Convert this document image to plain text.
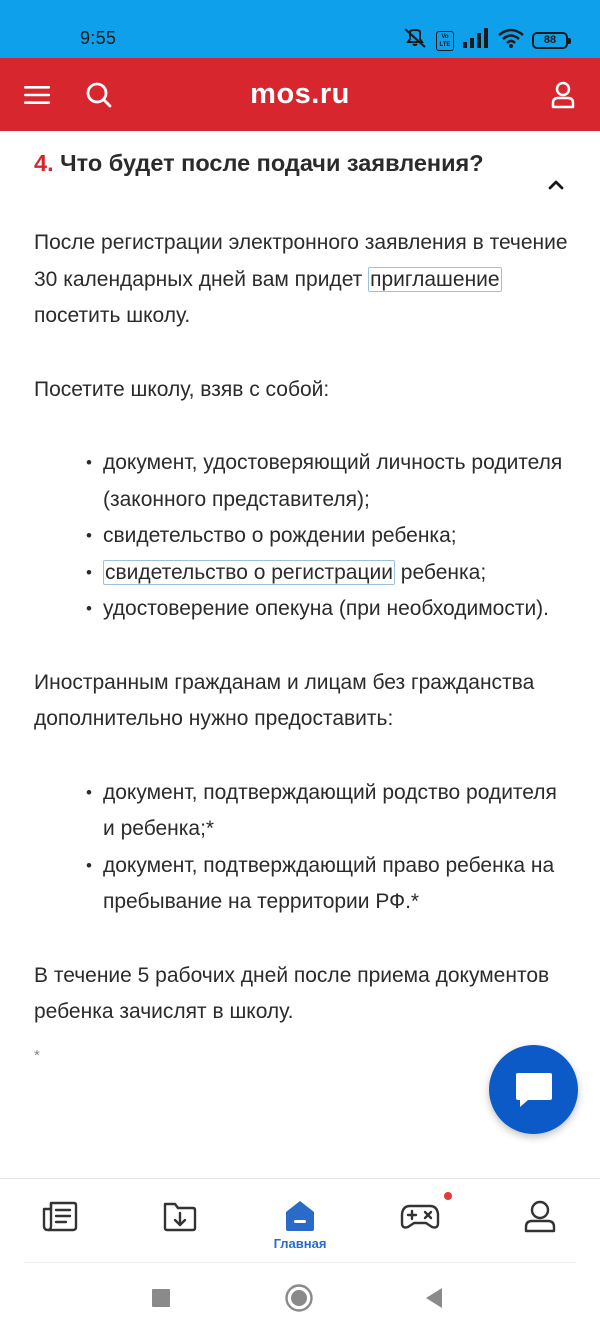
9:55	Vo
LTE	88
mos.ru
4. Что будет после подачи заявления?

После регистрации электронного заявления в течение 30 календарных дней вам придет приглашение посетить школу.

Посетите школу, взяв с собой:

• документ, удостоверяющий личность родителя (законного представителя);
• свидетельство о рождении ребенка;
• свидетельство о регистрации ребенка;
• удостоверение опекуна (при необходимости).

Иностранным гражданам и лицам без гражданства дополнительно нужно предоставить:

• документ, подтверждающий родство родителя и ребенка;*
• документ, подтверждающий право ребенка на пребывание на территории РФ.*

В течение 5 рабочих дней после приема документов ребенка зачислят в школу.

*
Главная
